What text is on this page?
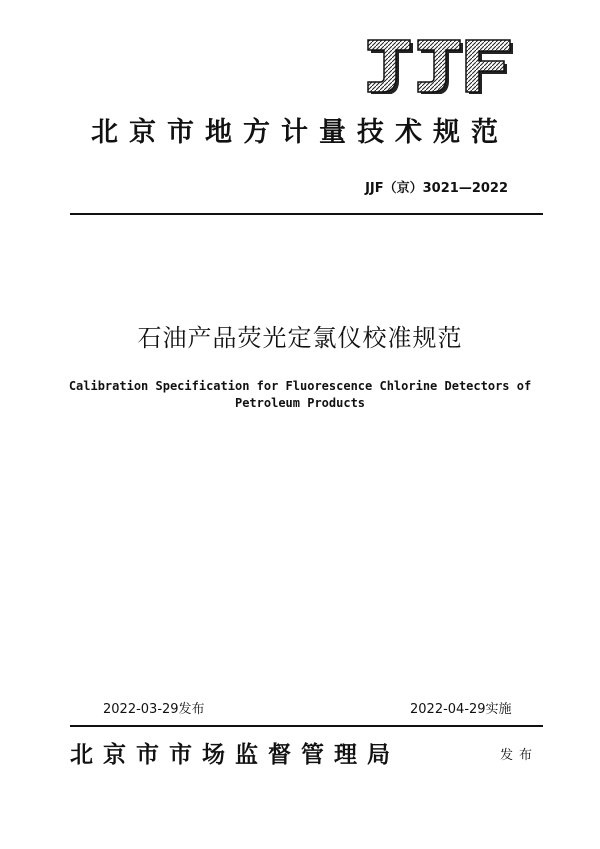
北京市地方计量技术规范
JJF（京）3021—2022
石油产品荧光定氯仪校准规范
Calibration Specification for Fluorescence Chlorine Detectors of
Petroleum Products
2022-03-29发布	2022-04-29实施
北京市市场监督管理局	发布
